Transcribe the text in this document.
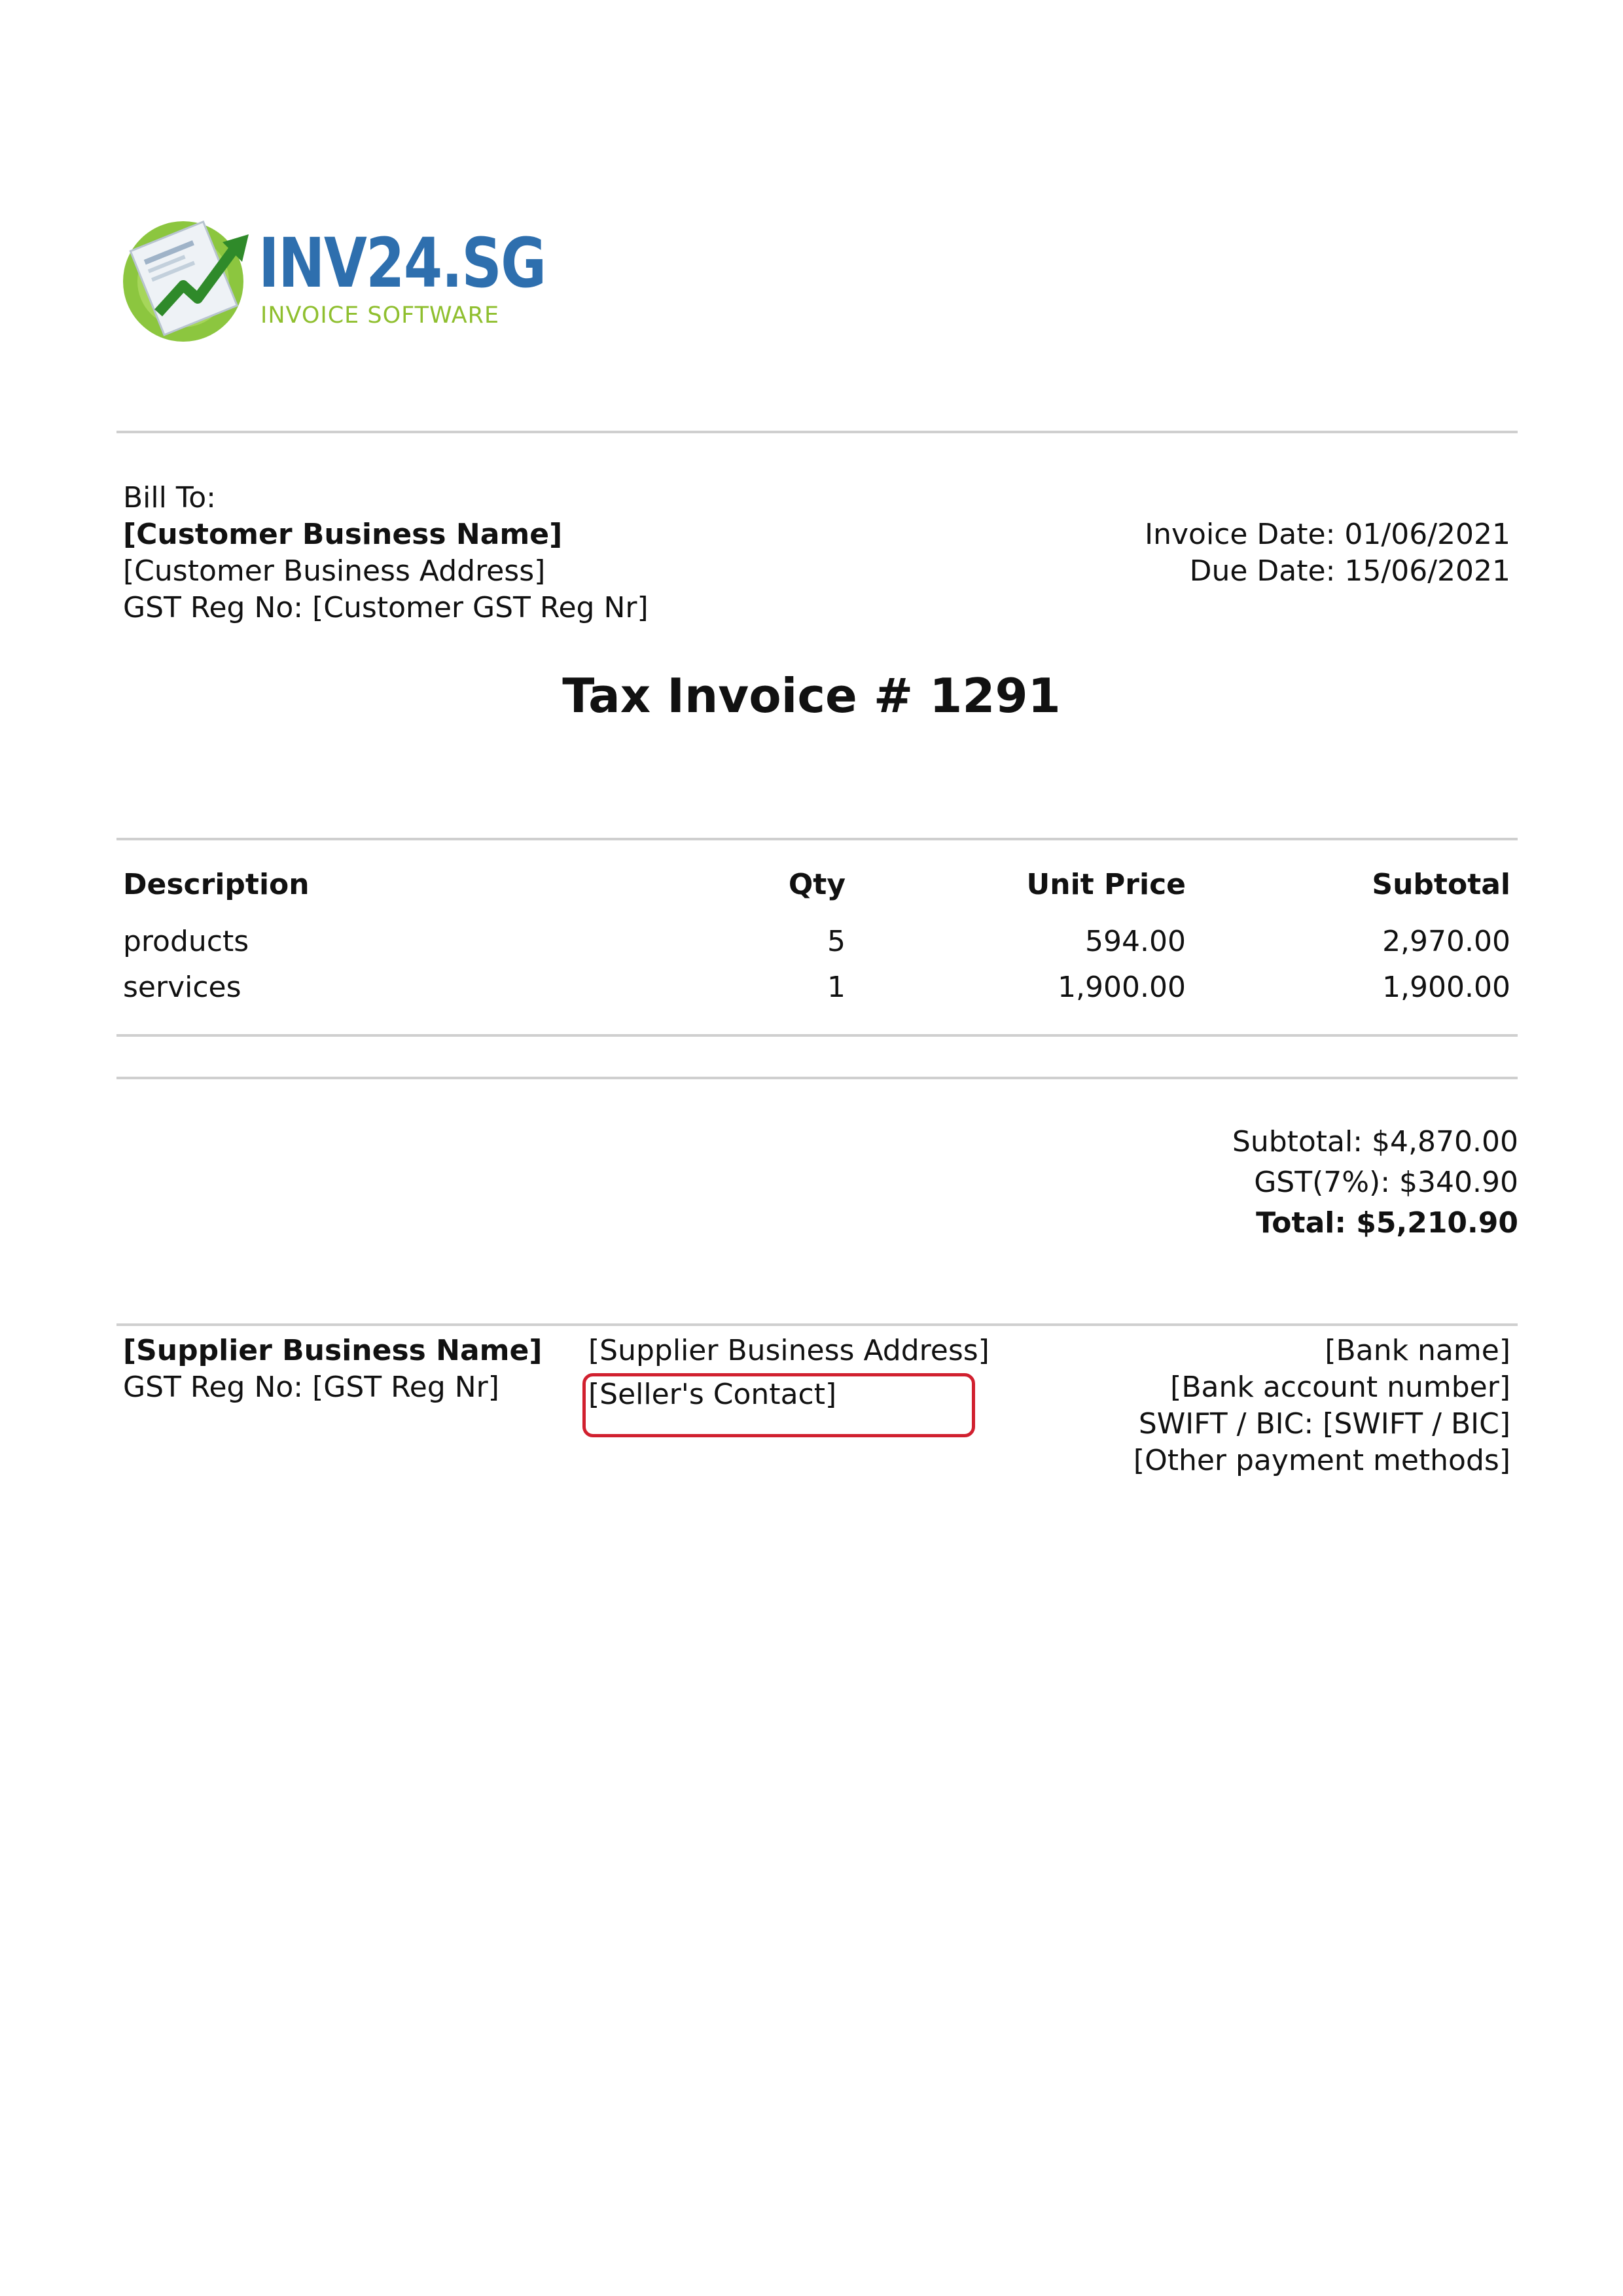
INV24.SG
INVOICE SOFTWARE
Bill To:
[Customer Business Name]
[Customer Business Address]
GST Reg No: [Customer GST Reg Nr]
Invoice Date: 01/06/2021
Due Date: 15/06/2021
Tax Invoice # 1291
Description	Qty	Unit Price	Subtotal
products	5	594.00	2,970.00
services	1	1,900.00	1,900.00
Subtotal: $4,870.00
GST(7%): $340.90
Total: $5,210.90
[Supplier Business Name]
GST Reg No: [GST Reg Nr]
[Supplier Business Address]
[Seller's Contact]
[Bank name]
[Bank account number]
SWIFT / BIC: [SWIFT / BIC]
[Other payment methods]
